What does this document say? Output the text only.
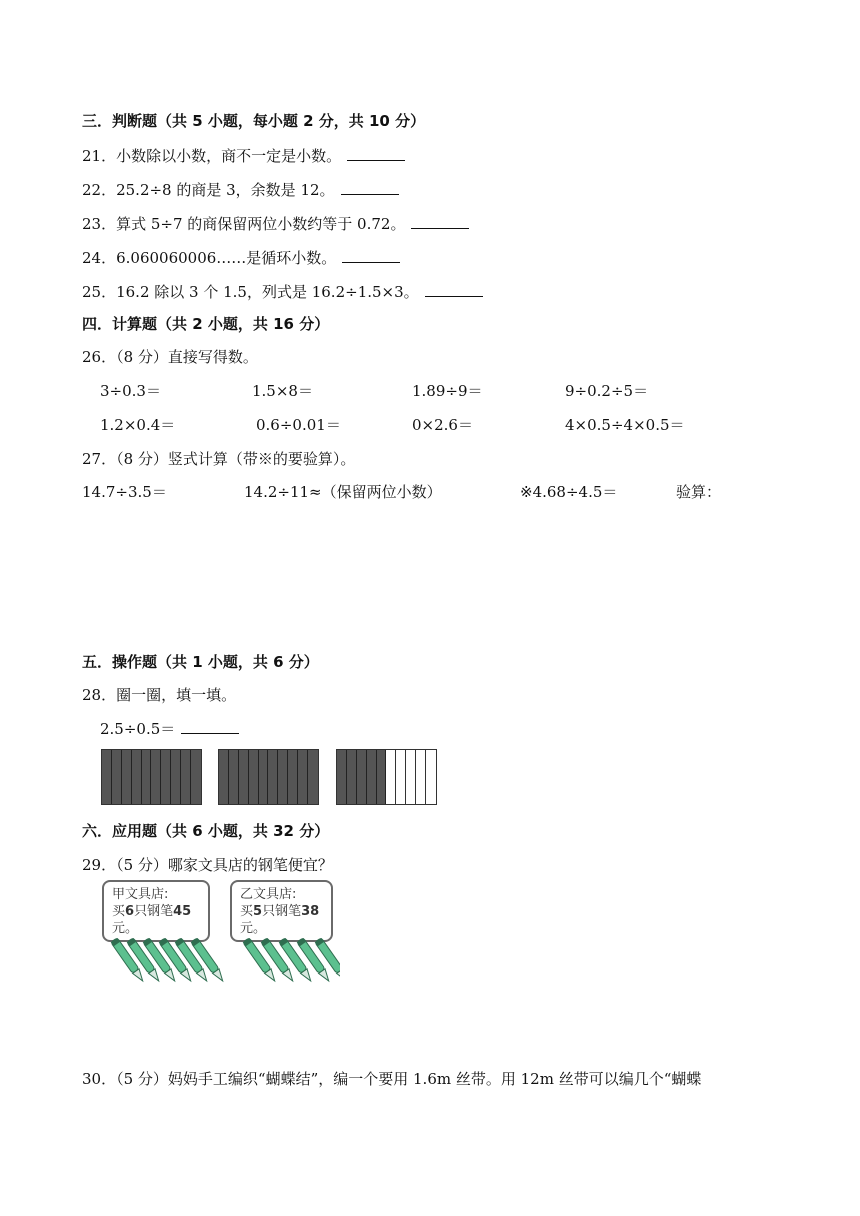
三．判断题（共 5 小题，每小题 2 分，共 10 分）
21．小数除以小数，商不一定是小数。
22．25.2÷8 的商是 3，余数是 12。
23．算式 5÷7 的商保留两位小数约等于 0.72。
24．6.060060006……是循环小数。
25．16.2 除以 3 个 1.5，列式是 16.2÷1.5×3。
四．计算题（共 2 小题，共 16 分）
26．（8 分）直接写得数。
3÷0.3＝	1.5×8＝	1.89÷9＝	9÷0.2÷5＝
1.2×0.4＝	0.6÷0.01＝	0×2.6＝	4×0.5÷4×0.5＝
27．（8 分）竖式计算（带※的要验算）。
14.7÷3.5＝	14.2÷11≈（保留两位小数）	※4.68÷4.5＝	验算：
五．操作题（共 1 小题，共 6 分）
28．圈一圈，填一填。
2.5÷0.5＝
六．应用题（共 6 小题，共 32 分）
29．（5 分）哪家文具店的钢笔便宜？
甲文具店:
买6只钢笔45
元。
乙文具店:
买5只钢笔38
元。
30．（5 分）妈妈手工编织“蝴蝶结”，编一个要用 1.6m 丝带。用 12m 丝带可以编几个“蝴蝶
